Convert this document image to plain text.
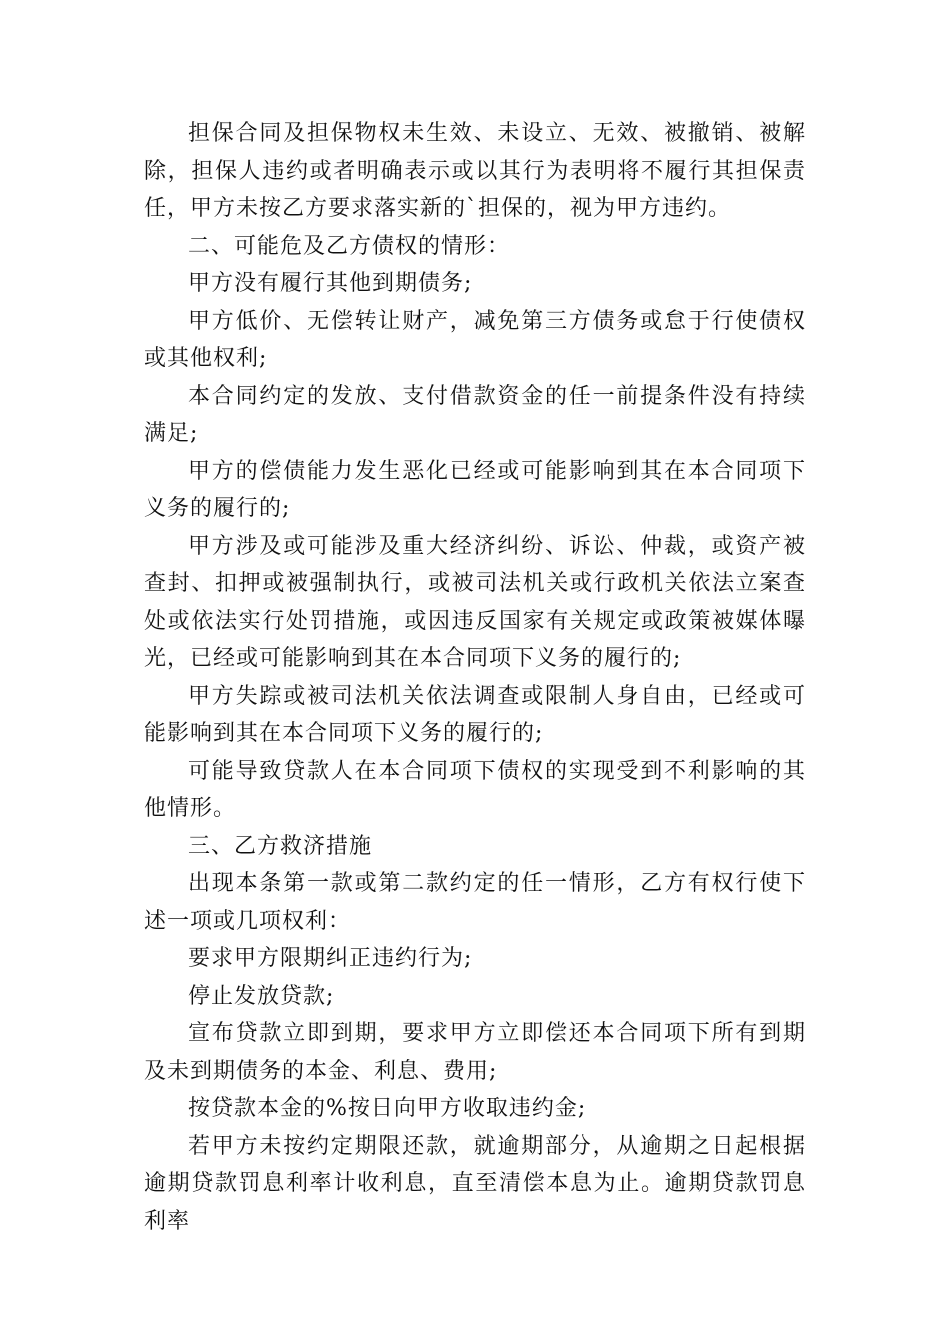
担保合同及担保物权未生效、未设立、无效、被撤销、被解除，担保人违约或者明确表示或以其行为表明将不履行其担保责任，甲方未按乙方要求落实新的`担保的，视为甲方违约。

二、可能危及乙方债权的情形：

甲方没有履行其他到期债务;

甲方低价、无偿转让财产，减免第三方债务或怠于行使债权或其他权利;

本合同约定的发放、支付借款资金的任一前提条件没有持续满足;

甲方的偿债能力发生恶化已经或可能影响到其在本合同项下义务的履行的;

甲方涉及或可能涉及重大经济纠纷、诉讼、仲裁，或资产被查封、扣押或被强制执行，或被司法机关或行政机关依法立案查处或依法实行处罚措施，或因违反国家有关规定或政策被媒体曝光，已经或可能影响到其在本合同项下义务的履行的;

甲方失踪或被司法机关依法调查或限制人身自由，已经或可能影响到其在本合同项下义务的履行的;

可能导致贷款人在本合同项下债权的实现受到不利影响的其他情形。

三、乙方救济措施

出现本条第一款或第二款约定的任一情形，乙方有权行使下述一项或几项权利：

要求甲方限期纠正违约行为;

停止发放贷款;

宣布贷款立即到期，要求甲方立即偿还本合同项下所有到期及未到期债务的本金、利息、费用;

按贷款本金的%按日向甲方收取违约金;

若甲方未按约定期限还款，就逾期部分，从逾期之日起根据逾期贷款罚息利率计收利息，直至清偿本息为止。逾期贷款罚息利率
